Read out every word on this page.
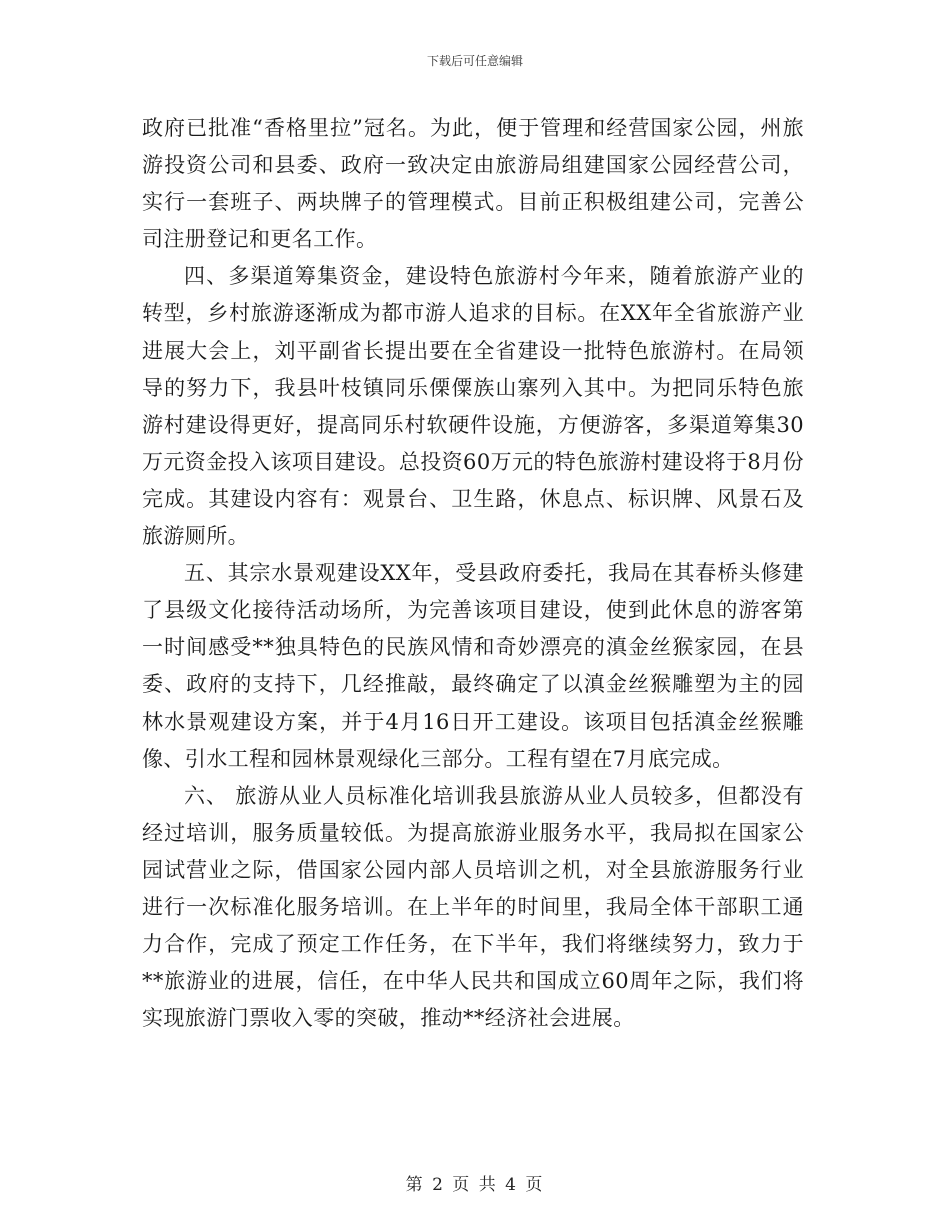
下载后可任意编辑

政府已批准“香格里拉”冠名。为此，便于管理和经营国家公园，州旅游投资公司和县委、政府一致决定由旅游局组建国家公园经营公司，实行一套班子、两块牌子的管理模式。目前正积极组建公司，完善公司注册登记和更名工作。

四、多渠道筹集资金，建设特色旅游村今年来，随着旅游产业的转型，乡村旅游逐渐成为都市游人追求的目标。在XX年全省旅游产业进展大会上，刘平副省长提出要在全省建设一批特色旅游村。在局领导的努力下，我县叶枝镇同乐傈僳族山寨列入其中。为把同乐特色旅游村建设得更好，提高同乐村软硬件设施，方便游客，多渠道筹集30万元资金投入该项目建设。总投资60万元的特色旅游村建设将于8月份完成。其建设内容有：观景台、卫生路，休息点、标识牌、风景石及旅游厕所。

五、其宗水景观建设XX年，受县政府委托，我局在其春桥头修建了县级文化接待活动场所，为完善该项目建设，使到此休息的游客第一时间感受**独具特色的民族风情和奇妙漂亮的滇金丝猴家园，在县委、政府的支持下，几经推敲，最终确定了以滇金丝猴雕塑为主的园林水景观建设方案，并于4月16日开工建设。该项目包括滇金丝猴雕像、引水工程和园林景观绿化三部分。工程有望在7月底完成。

六、 旅游从业人员标准化培训我县旅游从业人员较多，但都没有经过培训，服务质量较低。为提高旅游业服务水平，我局拟在国家公园试营业之际，借国家公园内部人员培训之机，对全县旅游服务行业进行一次标准化服务培训。在上半年的时间里，我局全体干部职工通力合作，完成了预定工作任务，在下半年，我们将继续努力，致力于**旅游业的进展，信任，在中华人民共和国成立60周年之际，我们将实现旅游门票收入零的突破，推动**经济社会进展。

第 2 页 共 4 页
